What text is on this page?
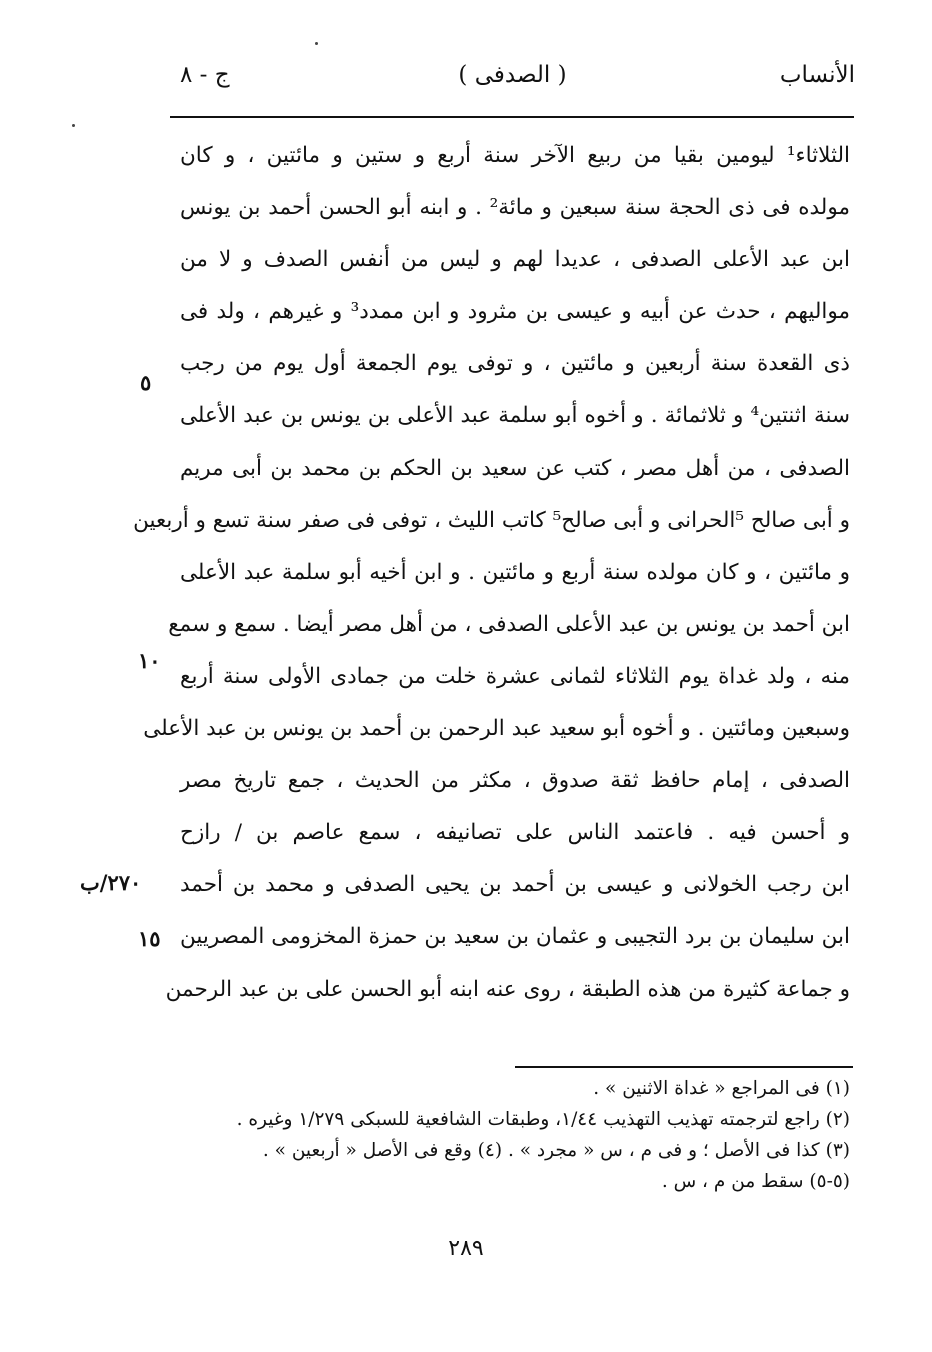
الأنساب
( الصدفى )
ج - ٨
الثلاثاء¹ ليومين بقيا من ربيع الآخر سنة أربع و ستين و مائتين ، و كان
مولده فى ذى الحجة سنة سبعين و مائة² . و ابنه أبو الحسن أحمد بن يونس
ابن عبد الأعلى الصدفى ، عديدا لهم و ليس من أنفس الصدف و لا من
مواليهم ، حدث عن أبيه و عيسى بن مثرود و ابن ممدد³ و غيرهم ، ولد فى
ذى القعدة سنة أربعين و مائتين ، و توفى يوم الجمعة أول يوم من رجب
سنة اثنتين⁴ و ثلاثمائة . و أخوه أبو سلمة عبد الأعلى بن يونس بن عبد الأعلى
الصدفى ، من أهل مصر ، كتب عن سعيد بن الحكم بن محمد بن أبى مريم
و أبى صالح ⁵الحرانى و أبى صالح⁵ كاتب الليث ، توفى فى صفر سنة تسع و أربعين
و مائتين ، و كان مولده سنة أربع و مائتين . و ابن أخيه أبو سلمة عبد الأعلى
ابن أحمد بن يونس بن عبد الأعلى الصدفى ، من أهل مصر أيضا . سمع و سمع
منه ، ولد غداة يوم الثلاثاء لثمانى عشرة خلت من جمادى الأولى سنة أربع
وسبعين ومائتين . و أخوه أبو سعيد عبد الرحمن بن أحمد بن يونس بن عبد الأعلى
الصدفى ، إمام حافظ ثقة صدوق ، مكثر من الحديث ، جمع تاريخ مصر
و أحسن فيه . فاعتمد الناس على تصانيفه ، سمع عاصم بن / رازح
ابن رجب الخولانى و عيسى بن أحمد بن يحيى الصدفى و محمد بن أحمد
ابن سليمان بن برد التجيبى و عثمان بن سعيد بن حمزة المخزومى المصريين
و جماعة كثيرة من هذه الطبقة ، روى عنه ابنه أبو الحسن على بن عبد الرحمن
٥
١٠
٢٧٠/ب
١٥
(١) فى المراجع « غداة الاثنين » .
(٢) راجع لترجمته تهذيب التهذيب ١/٤٤، وطبقات الشافعية للسبكى ١/٢٧٩ وغيره .
(٣) كذا فى الأصل ؛ و فى م ، س « مجرد » . (٤) وقع فى الأصل « أربعين » .
(٥-٥) سقط من م ، س .
٢٨٩
